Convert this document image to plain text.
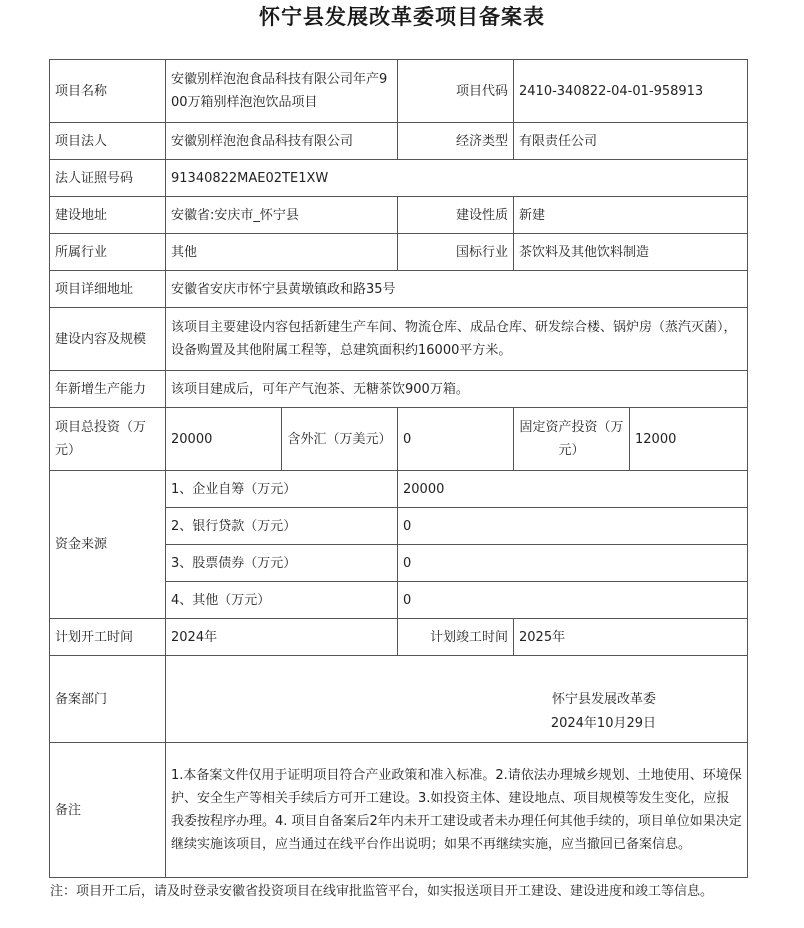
怀宁县发展改革委项目备案表
项目名称	安徽别样泡泡食品科技有限公司年产900万箱别样泡泡饮品项目		项目代码	2410-340822-04-01-958913	
项目法人	安徽别样泡泡食品科技有限公司		经济类型	有限责任公司	
法人证照号码	91340822MAE02TE1XW				
建设地址	安徽省:安庆市_怀宁县		建设性质	新建	
所属行业	其他		国标行业	茶饮料及其他饮料制造	
项目详细地址	安徽省安庆市怀宁县黄墩镇政和路35号				
建设内容及规模	该项目主要建设内容包括新建生产车间、物流仓库、成品仓库、研发综合楼、锅炉房（蒸汽灭菌），设备购置及其他附属工程等，总建筑面积约16000平方米。				
年新增生产能力	该项目建成后，可年产气泡茶、无糖茶饮900万箱。				
项目总投资（万元）	20000	含外汇（万美元）	0	固定资产投资（万元）	12000
资金来源	1、企业自筹（万元）		20000		
	2、银行贷款（万元）		0		
	3、股票债券（万元）		0		
	4、其他（万元）		0		
计划开工时间	2024年		计划竣工时间	2025年	
备案部门	怀宁县发展改革委
2024年10月29日				

备注	1.本备案文件仅用于证明项目符合产业政策和准入标准。2.请依法办理城乡规划、土地使用、环境保护、安全生产等相关手续后方可开工建设。3.如投资主体、建设地点、项目规模等发生变化，应报我委按程序办理。4. 项目自备案后2年内未开工建设或者未办理任何其他手续的，项目单位如果决定继续实施该项目，应当通过在线平台作出说明；如果不再继续实施，应当撤回已备案信息。				
注：项目开工后，请及时登录安徽省投资项目在线审批监管平台，如实报送项目开工建设、建设进度和竣工等信息。
